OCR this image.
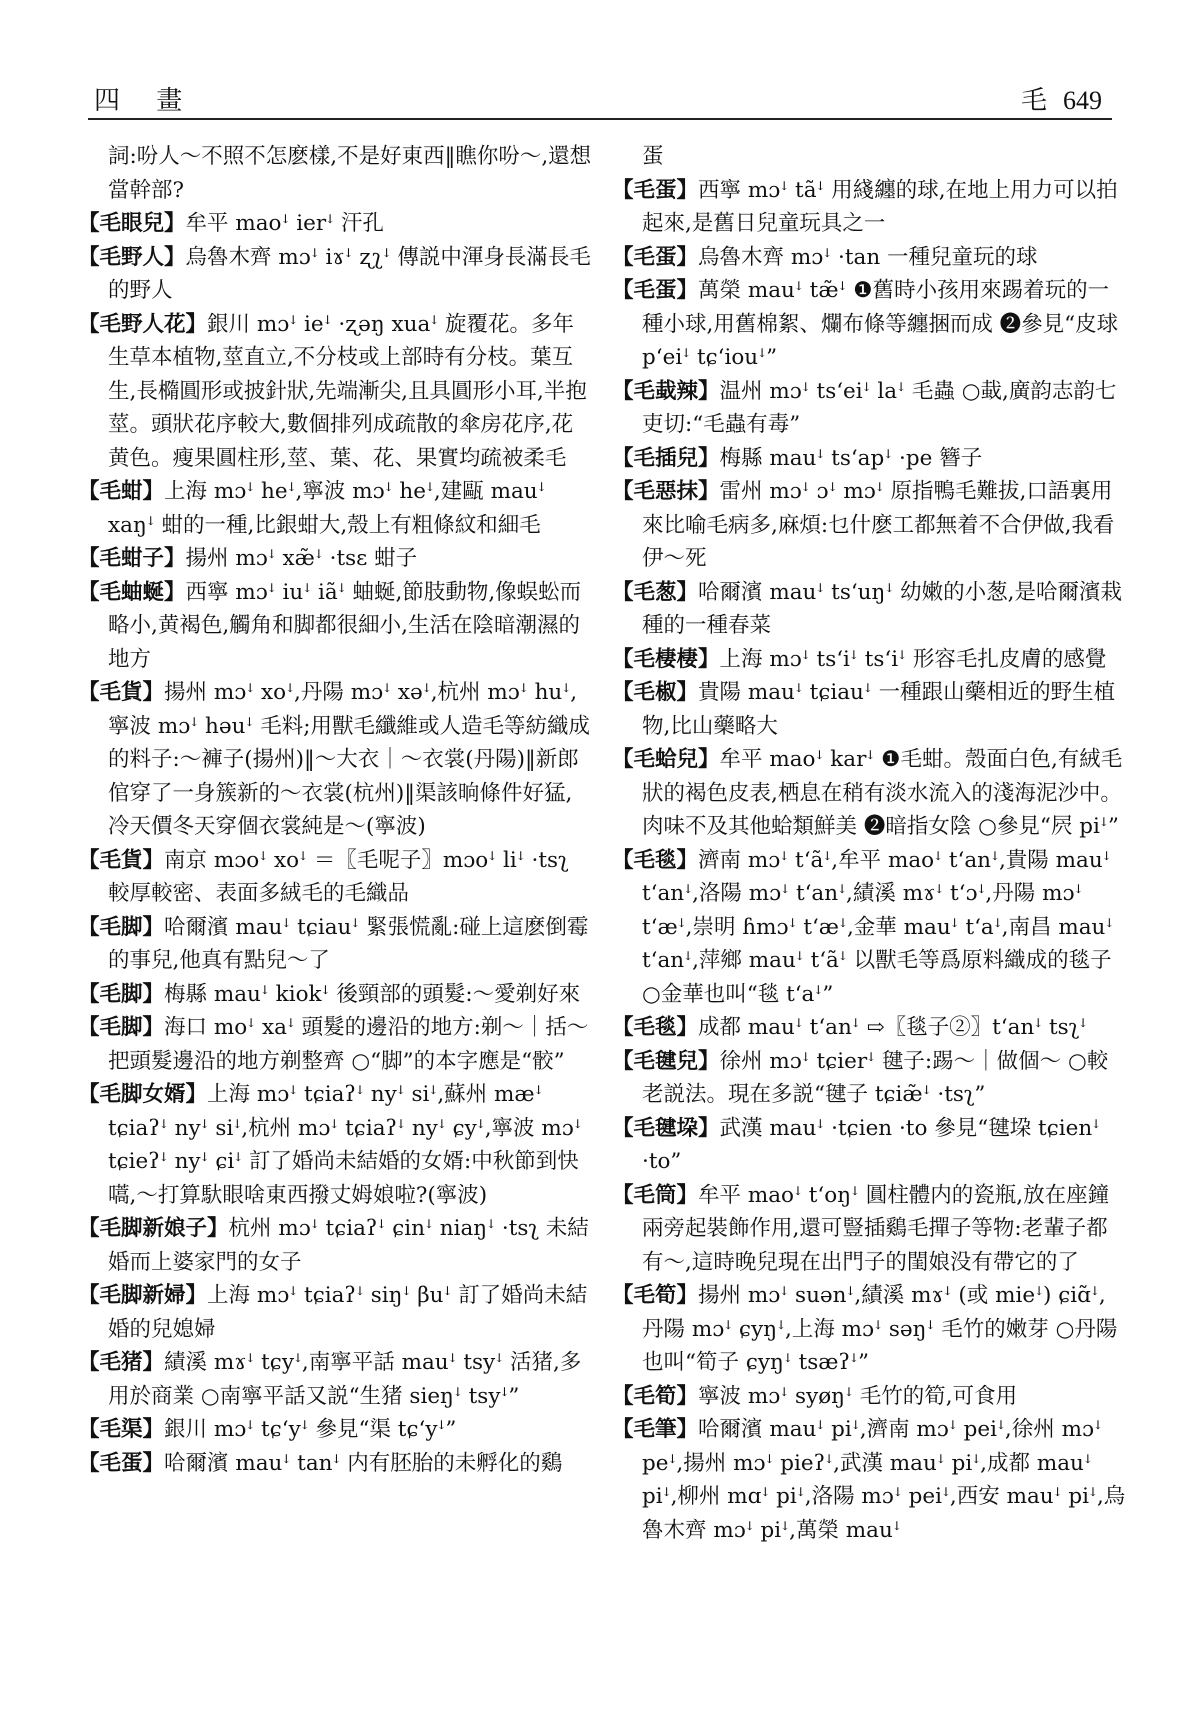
四 畫	毛 649

詞:吩人～不照不怎麽樣,不是好東西‖瞧你吩～,還想當幹部?

【毛眼兒】牟平 maoꜜ ierꜜ 汗孔

【毛野人】烏魯木齊 mɔꜜ iɤꜜ ʐʅꜜ 傳説中渾身長滿長毛的野人

【毛野人花】銀川 mɔꜜ ieꜜ ·ʐəŋ xuaꜜ 旋覆花。多年生草本植物,莖直立,不分枝或上部時有分枝。葉互生,長橢圓形或披針狀,先端漸尖,且具圓形小耳,半抱莖。頭狀花序較大,數個排列成疏散的傘房花序,花黄色。瘦果圓柱形,莖、葉、花、果實均疏被柔毛

【毛蚶】上海 mɔꜜ heꜜ,寧波 mɔꜜ heꜜ,建甌 mauꜜ xaŋꜜ 蚶的一種,比銀蚶大,殼上有粗條紋和細毛

【毛蚶子】揚州 mɔꜜ xæ̃ꜜ ·tsɛ 蚶子

【毛蚰蜒】西寧 mɔꜜ iuꜜ iãꜜ 蚰蜒,節肢動物,像蜈蚣而略小,黄褐色,觸角和脚都很細小,生活在陰暗潮濕的地方

【毛貨】揚州 mɔꜜ xoꜜ,丹陽 mɔꜜ xəꜜ,杭州 mɔꜜ huꜜ,寧波 mɔꜜ həuꜜ 毛料;用獸毛纖維或人造毛等紡織成的料子:～褲子(揚州)‖～大衣｜～衣裳(丹陽)‖新郎倌穿了一身簇新的～衣裳(杭州)‖渠該晌條件好猛,冷天價冬天穿個衣裳純是～(寧波)

【毛貨】南京 mɔoꜜ xoꜜ ＝〖毛呢子〗mɔoꜜ liꜜ ·tsʅ 較厚較密、表面多絨毛的毛織品

【毛脚】哈爾濱 mauꜜ tɕiauꜜ 緊張慌亂:碰上這麽倒霉的事兒,他真有點兒～了

【毛脚】梅縣 mauꜜ kiokꜜ 後頸部的頭髮:～愛剃好來

【毛脚】海口 moꜜ xaꜜ 頭髮的邊沿的地方:剃～｜括～把頭髮邊沿的地方剃整齊 ○“脚”的本字應是“骹”

【毛脚女婿】上海 mɔꜜ tɕiaʔꜜ nyꜜ siꜜ,蘇州 mæꜜ tɕiaʔꜜ nyꜜ siꜜ,杭州 mɔꜜ tɕiaʔꜜ nyꜜ ɕyꜜ,寧波 mɔꜜ tɕieʔꜜ nyꜜ ɕiꜜ 訂了婚尚未結婚的女婿:中秋節到快嚆,～打算馱眼啥東西撥丈姆娘啦?(寧波)

【毛脚新娘子】杭州 mɔꜜ tɕiaʔꜜ ɕinꜜ niaŋꜜ ·tsʅ 未結婚而上婆家門的女子

【毛脚新婦】上海 mɔꜜ tɕiaʔꜜ siŋꜜ βuꜜ 訂了婚尚未結婚的兒媳婦

【毛猪】績溪 mɤꜜ tɕyꜜ,南寧平話 mauꜜ tsyꜜ 活猪,多用於商業 ○南寧平話又説“生猪 sieŋꜜ tsyꜜ”

【毛渠】銀川 mɔꜜ tɕʻyꜜ 參見“渠 tɕʻyꜜ”

【毛蛋】哈爾濱 mauꜜ tanꜜ 内有胚胎的未孵化的鷄

蛋

【毛蛋】西寧 mɔꜜ tãꜜ 用綫纏的球,在地上用力可以拍起來,是舊日兒童玩具之一

【毛蛋】烏魯木齊 mɔꜜ ·tan 一種兒童玩的球

【毛蛋】萬榮 mauꜜ tæ̃ꜜ ❶舊時小孩用來踢着玩的一種小球,用舊棉絮、爛布條等纏捆而成 ❷參見“皮球 pʻeiꜜ tɕʻiouꜜ”

【毛蛓辣】温州 mɔꜜ tsʻeiꜜ laꜜ 毛蟲 ○蛓,廣韵志韵七吏切:“毛蟲有毒”

【毛插兒】梅縣 mauꜜ tsʻapꜜ ·pe 簪子

【毛惡抹】雷州 mɔꜜ ɔꜜ mɔꜜ 原指鴨毛難拔,口語裏用來比喻毛病多,麻煩:乜什麽工都無着不合伊做,我看伊～死

【毛葱】哈爾濱 mauꜜ tsʻuŋꜜ 幼嫩的小葱,是哈爾濱栽種的一種春菜

【毛棲棲】上海 mɔꜜ tsʻiꜜ tsʻiꜜ 形容毛扎皮膚的感覺

【毛椒】貴陽 mauꜜ tɕiauꜜ 一種跟山藥相近的野生植物,比山藥略大

【毛蛤兒】牟平 maoꜜ karꜜ ❶毛蚶。殼面白色,有絨毛狀的褐色皮表,栖息在稍有淡水流入的淺海泥沙中。肉味不及其他蛤類鮮美 ❷暗指女陰 ○參見“屄 piꜜ”

【毛毯】濟南 mɔꜜ tʻãꜜ,牟平 maoꜜ tʻanꜜ,貴陽 mauꜜ tʻanꜜ,洛陽 mɔꜜ tʻanꜜ,績溪 mɤꜜ tʻɔꜜ,丹陽 mɔꜜ tʻæꜜ,崇明 ɦmɔꜜ tʻæꜜ,金華 mauꜜ tʻaꜜ,南昌 mauꜜ tʻanꜜ,萍鄉 mauꜜ tʻãꜜ 以獸毛等爲原料織成的毯子 ○金華也叫“毯 tʻaꜜ”

【毛毯】成都 mauꜜ tʻanꜜ ⇨〖毯子②〗tʻanꜜ tsʅꜜ

【毛毽兒】徐州 mɔꜜ tɕierꜜ 毽子:踢～｜做個～ ○較老説法。現在多説“毽子 tɕiæ̃ꜜ ·tsʅ”

【毛毽垜】武漢 mauꜜ ·tɕien ·to 參見“毽垜 tɕienꜜ ·to”

【毛筒】牟平 maoꜜ tʻoŋꜜ 圓柱體内的瓷瓶,放在座鐘兩旁起裝飾作用,還可豎插鷄毛撣子等物:老輩子都有～,這時晚兒現在出門子的閨娘没有帶它的了

【毛筍】揚州 mɔꜜ suənꜜ,績溪 mɤꜜ (或 mieꜜ) ɕiɑ̃ꜜ,丹陽 mɔꜜ ɕyŋꜜ,上海 mɔꜜ səŋꜜ 毛竹的嫩芽 ○丹陽也叫“筍子 ɕyŋꜜ tsæʔꜜ”

【毛筍】寧波 mɔꜜ syøŋꜜ 毛竹的筍,可食用

【毛筆】哈爾濱 mauꜜ piꜜ,濟南 mɔꜜ peiꜜ,徐州 mɔꜜ peꜜ,揚州 mɔꜜ pieʔꜜ,武漢 mauꜜ piꜜ,成都 mauꜜ piꜜ,柳州 mɑꜜ piꜜ,洛陽 mɔꜜ peiꜜ,西安 mauꜜ piꜜ,烏魯木齊 mɔꜜ piꜜ,萬榮 mauꜜ
